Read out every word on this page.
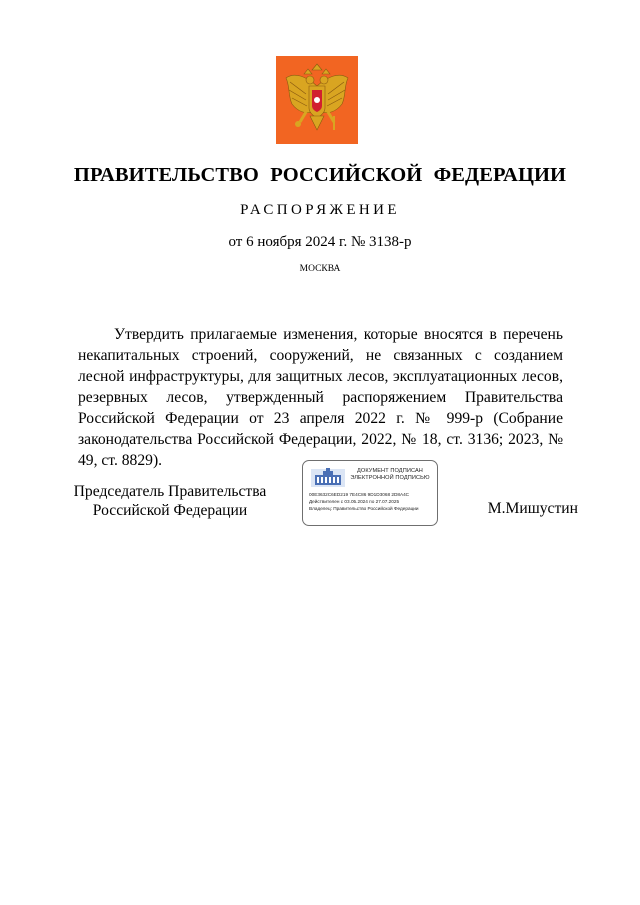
ПРАВИТЕЛЬСТВО РОССИЙСКОЙ ФЕДЕРАЦИИ
РАСПОРЯЖЕНИЕ
от 6 ноября 2024 г. № 3138-р
МОСКВА

Утвердить прилагаемые изменения, которые вносятся в перечень некапитальных строений, сооружений, не связанных с созданием лесной инфраструктуры, для защитных лесов, эксплуатационных лесов, резервных лесов, утвержденный распоряжением Правительства Российской Федерации от 23 апреля 2022 г. № 999-р (Собрание законодательства Российской Федерации, 2022, № 18, ст. 3136; 2023, № 49, ст. 8829).

Председатель Правительства
Российской Федерации
ДОКУМЕНТ ПОДПИСАН
ЭЛЕКТРОННОЙ ПОДПИСЬЮ
00E3632C6ED219 7E4C86 9D1D3068 2D8A4C
Действителен с 03.05.2024 по 27.07.2025
Владелец: Правительство Российской Федерации	М.Мишустин
